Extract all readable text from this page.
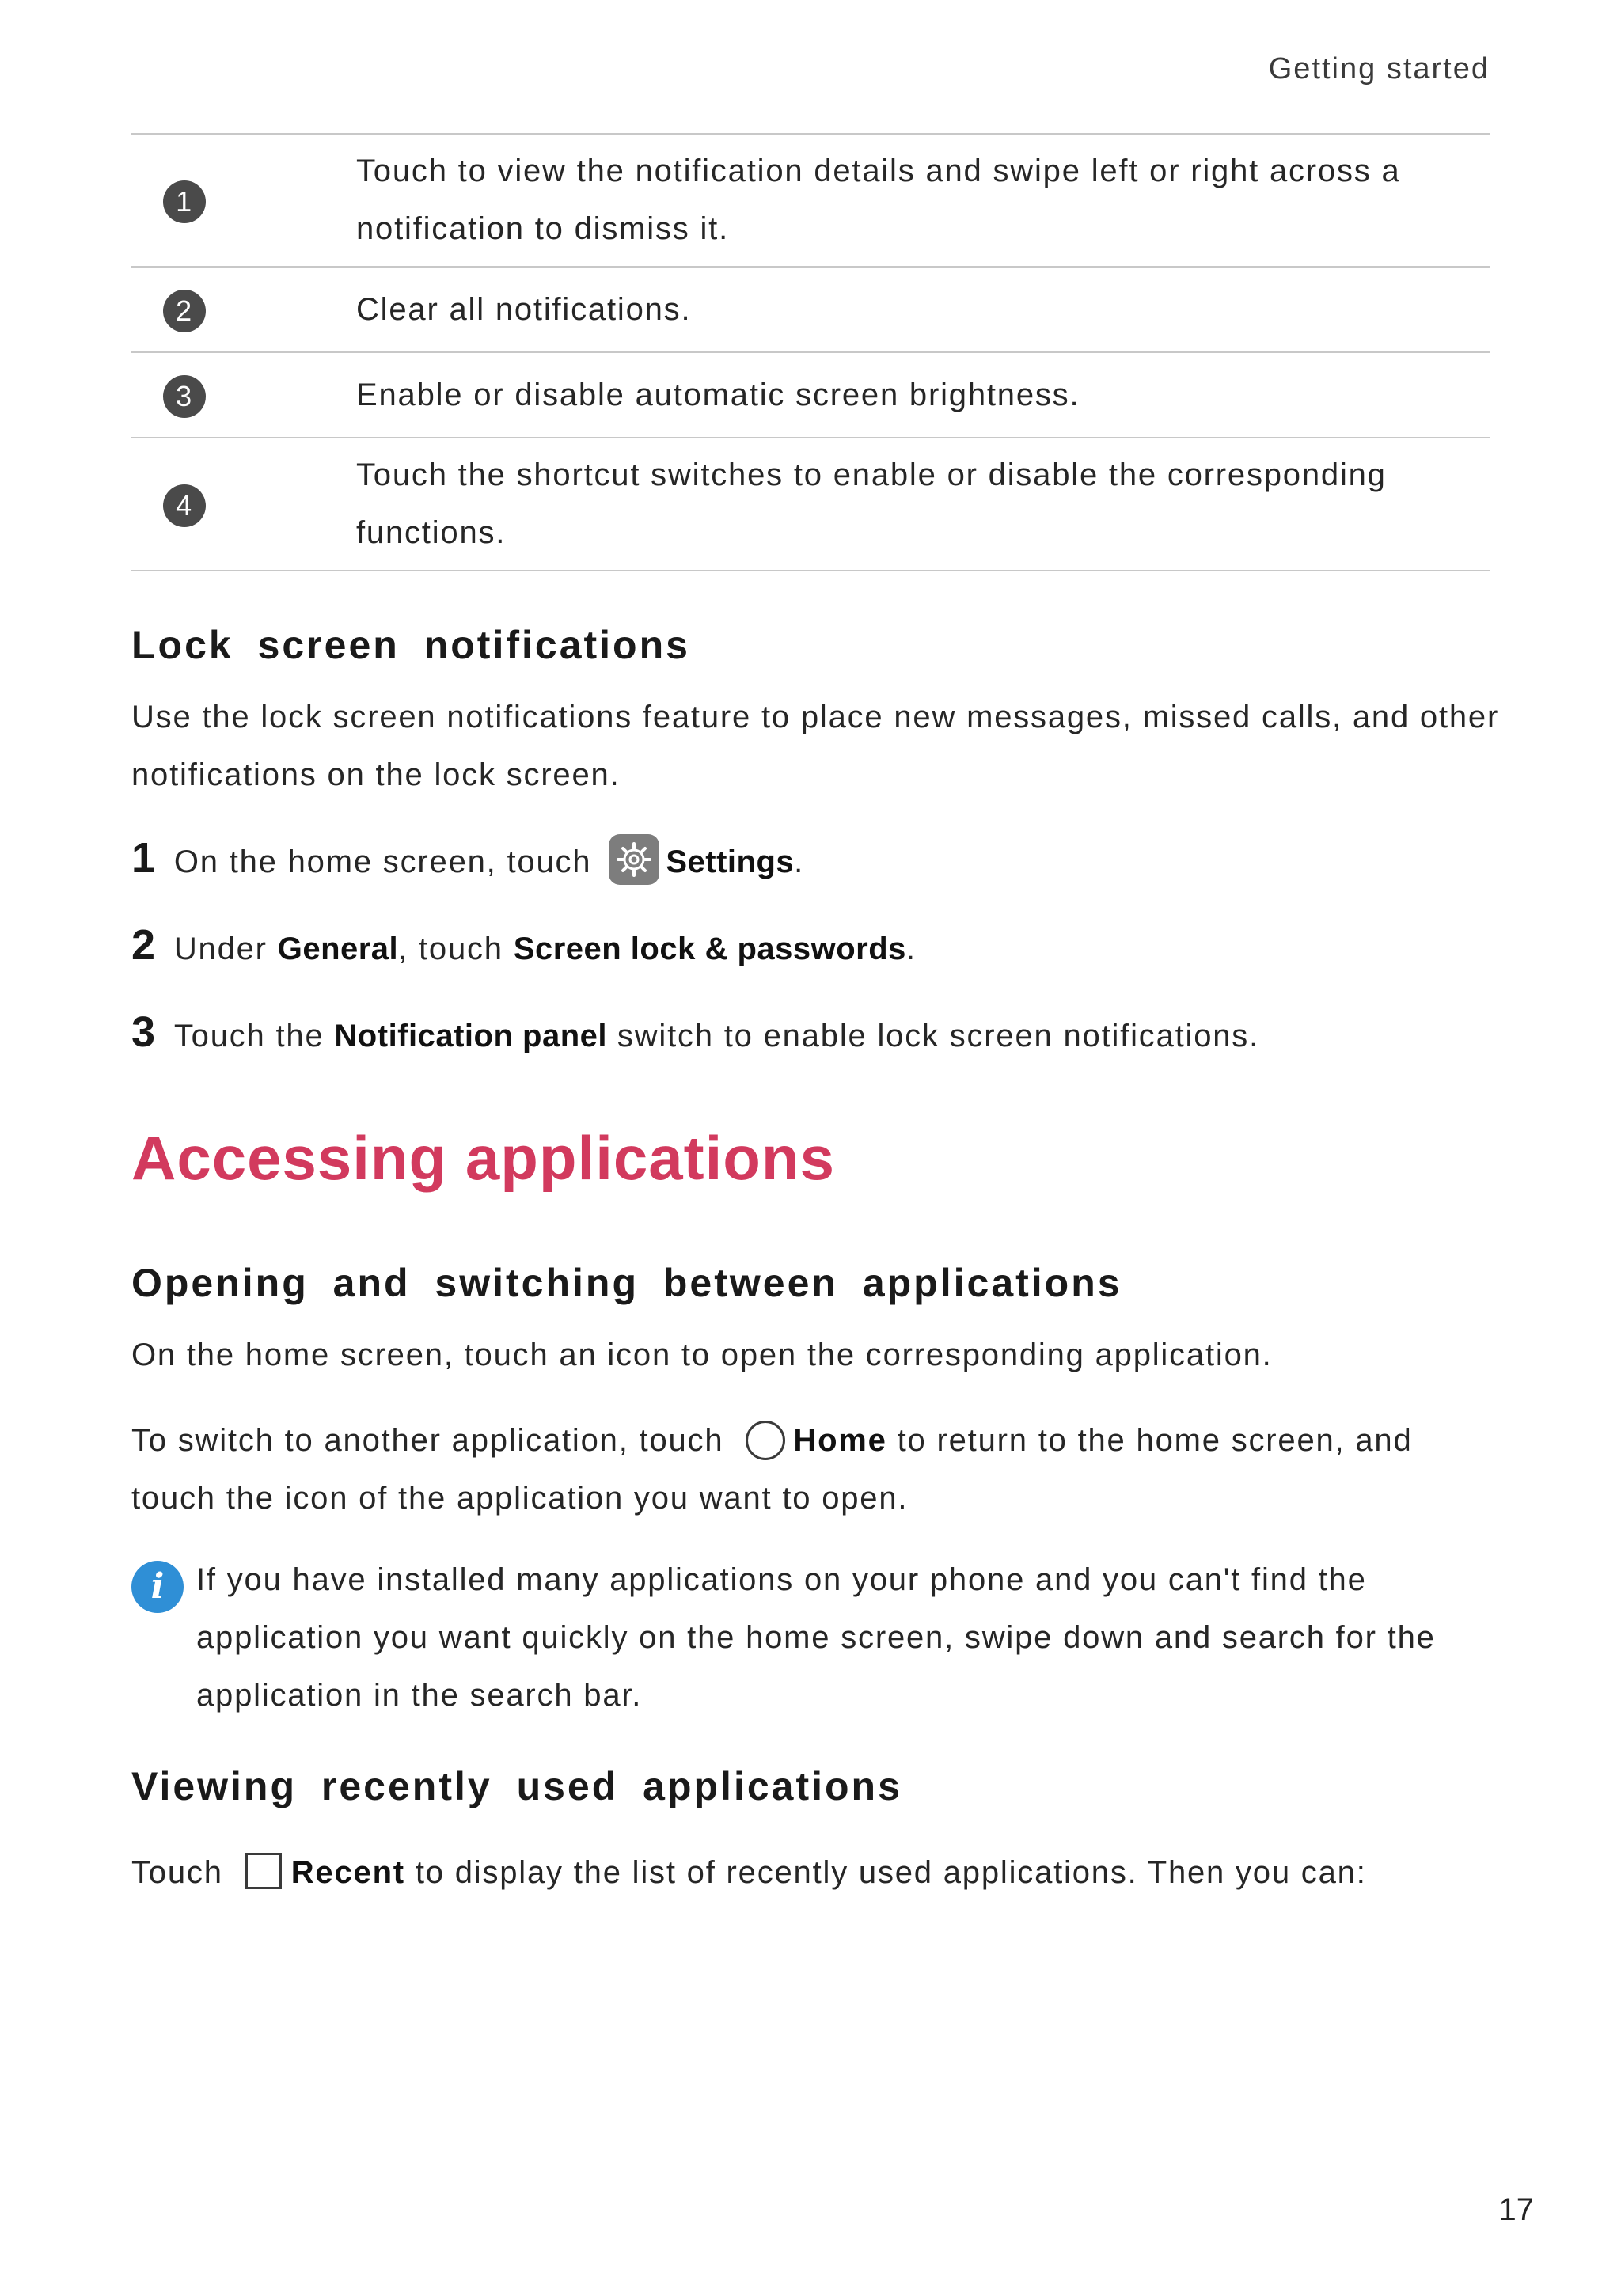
Getting started
1	Touch to view the notification details and swipe left or right across a notification to dismiss it.
2	Clear all notifications.
3	Enable or disable automatic screen brightness.
4	Touch the shortcut switches to enable or disable the corresponding functions.
Lock screen notifications
Use the lock screen notifications feature to place new messages, missed calls, and other notifications on the lock screen.
1 On the home screen, touch Settings.
2 Under General, touch Screen lock & passwords.
3 Touch the Notification panel switch to enable lock screen notifications.
Accessing applications
Opening and switching between applications
On the home screen, touch an icon to open the corresponding application.
To switch to another application, touch Home to return to the home screen, and touch the icon of the application you want to open.
i	If you have installed many applications on your phone and you can't find the application you want quickly on the home screen, swipe down and search for the application in the search bar.
Viewing recently used applications
Touch Recent to display the list of recently used applications. Then you can:
17
